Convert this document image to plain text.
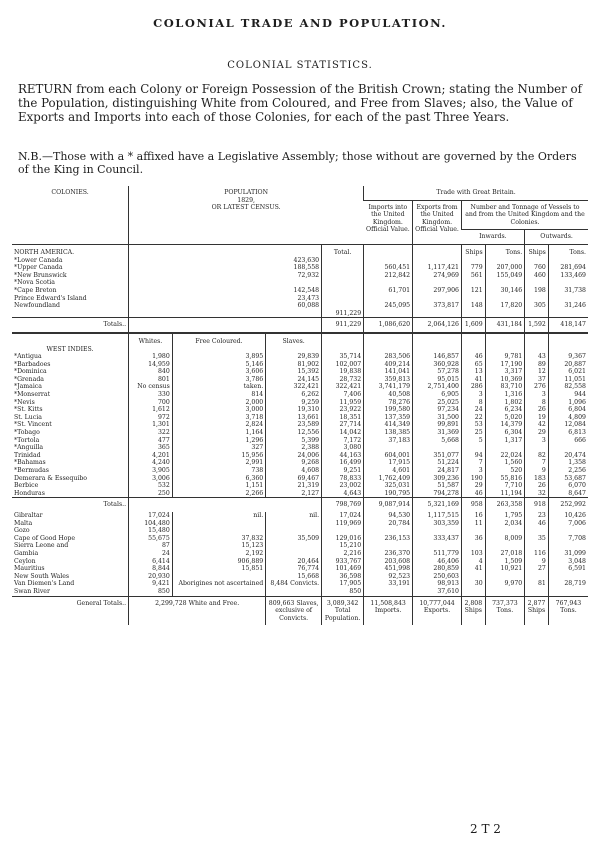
COLONIAL TRADE AND POPULATION.
COLONIAL STATISTICS.
RETURN from each Colony or Foreign Possession of the British Crown; stating the Number of the Population, distinguishing White from Coloured, and Free from Slaves; also, the Value of Exports and Imports into each of those Colonies, for each of the past Three Years.
N.B.—Those with a * affixed have a Legislative Assembly; those without are governed by the Orders of the King in Council.
COLONIES.	POPULATION
1829,
OR LATEST CENSUS.				Trade with Great Britain.					
					Imports into the United Kingdom. Official Value.	Exports from the United Kingdom. Official Value.	Number and Tonnage of Vessels to and from the United Kingdom and the Colonies.			
							Inwards.		Outwards.	
NORTH AMERICA.				Total.			Ships	Tons.	Ships	Tons.
*Lower Canada	423,630									
*Upper Canada	188,558				560,451	1,117,421	779	207,000	760	281,694
*New Brunswick	72,932				212,842	274,969	561	155,049	460	133,469
*Nova Scotia										
*Cape Breton	142,548				61,701	297,906	121	30,146	198	31,738
Prince Edward's Island	23,473									
Newfoundland	60,088				245,095	373,817	148	17,820	305	31,246
				911,229						
Totals..				911,229	1,086,620	2,064,126	1,609	431,184	1,592	418,147
	Whites.	Free Coloured.	Slaves.							
WEST INDIES.										
*Antigua	1,980	3,895	29,839	35,714	283,506	146,857	46	9,781	43	9,367
*Barbadoes	14,959	5,146	81,902	102,007	409,214	360,928	65	17,190	89	20,887
*Dominica	840	3,606	15,392	19,838	141,041	57,278	13	3,317	12	6,021
*Grenada	801	3,786	24,145	28,732	359,813	95,015	41	10,369	37	11,051
*Jamaica	No census	taken.	322,421	322,421	3,741,179	2,751,400	286	83,710	276	82,558
*Monserrat	330	814	6,262	7,406	40,508	6,905	3	1,316	3	944
*Nevis	700	2,000	9,259	11,959	78,276	25,025	8	1,802	8	1,096
*St. Kitts	1,612	3,000	19,310	23,922	199,580	97,234	24	6,234	26	6,804
St. Lucia	972	3,718	13,661	18,351	137,359	31,500	22	5,020	19	4,809
*St. Vincent	1,301	2,824	23,589	27,714	414,349	99,891	53	14,379	42	12,084
*Tobago	322	1,164	12,556	14,042	138,385	31,369	25	6,304	29	6,813
*Tortola	477	1,296	5,399	7,172	37,183	5,668	5	1,317	3	666
*Anguilla	365	327	2,388	3,080						
Trinidad	4,201	15,956	24,006	44,163	604,001	351,077	94	22,024	82	20,474
*Bahamas	4,240	2,991	9,268	16,499	17,915	51,224	7	1,560	7	1,358
*Bermudas	3,905	738	4,608	9,251	4,601	24,817	3	520	9	2,256
Demerara & Essequibo	3,006	6,360	69,467	78,833	1,762,409	309,236	190	55,816	183	53,687
Berbice	532	1,151	21,319	23,002	325,031	51,587	29	7,710	26	6,070
Honduras	250	2,266	2,127	4,643	190,795	794,278	46	11,194	32	8,647
Totals..				798,769	9,087,914	5,321,169	958	263,358	918	252,992
Gibraltar	17,024	nil.	nil.	17,024	94,530	1,117,515	16	1,795	23	10,426
Malta	104,480			119,969	20,784	303,359	11	2,034	46	7,006
Gozo	15,480									
Cape of Good Hope	55,675	37,832	35,509	129,016	236,153	333,437	36	8,009	35	7,708
Sierra Leone and	87	15,123		15,210						
Gambia	24	2,192		2,216	236,370	511,779	103	27,018	116	31,099
Ceylon	6,414	906,889	20,464	933,767	203,608	46,406	4	1,509	9	3,048
Mauritius	8,844	15,851	76,774	101,469	451,998	280,859	41	10,921	27	6,591
New South Wales	20,930		15,668	36,598	92,523	250,603				
Van Diemen's Land	9,421	Aborigines not ascertained	8,484 Convicts.	17,905	33,191	98,913	30	9,970	81	28,719
Swan River	850			850		37,610				
General Totals..	2,299,728 White and Free.		809,663 Slaves, exclusive of Convicts.	3,089,342 Total Population.	11,508,843 Imports.	10,777,044 Exports.	2,808 Ships	737,373 Tons.	2,877 Ships	767,943 Tons.
2 T 2
